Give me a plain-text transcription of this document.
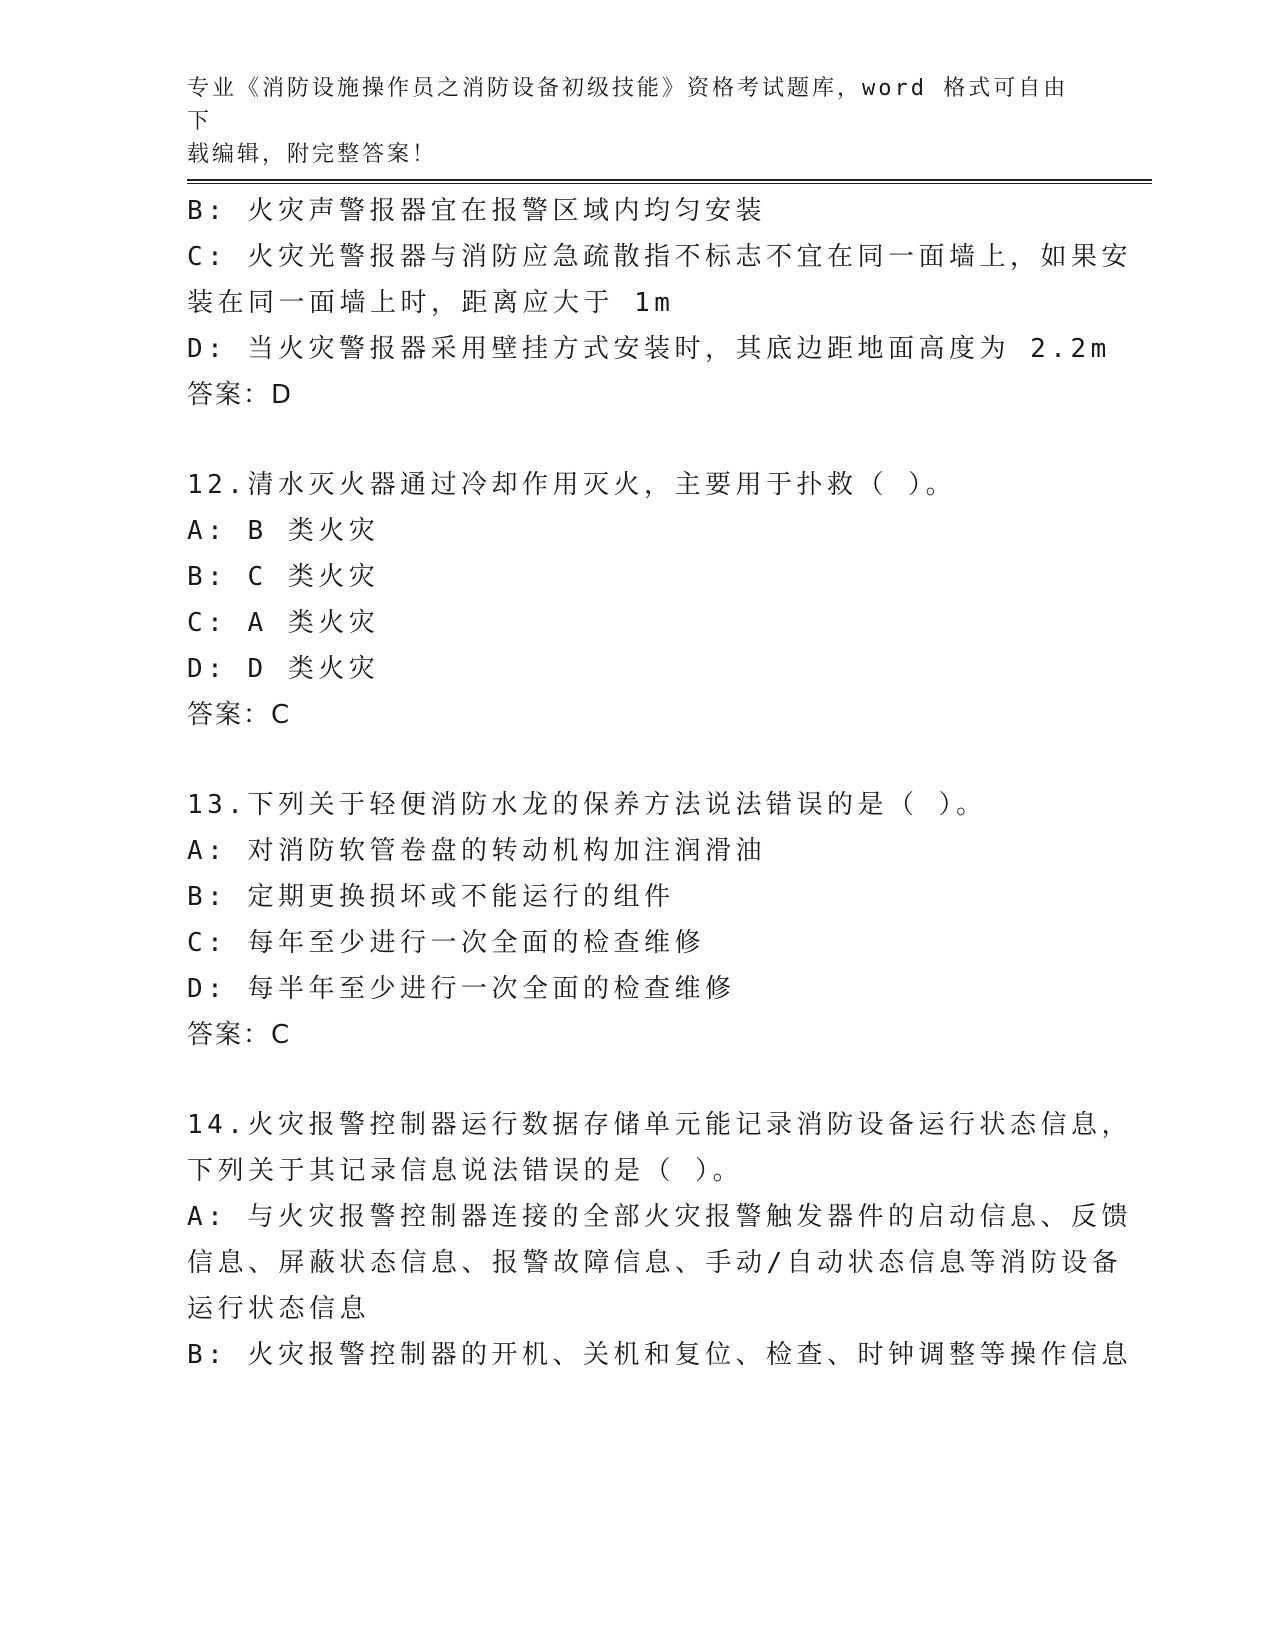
专业《消防设施操作员之消防设备初级技能》资格考试题库，word 格式可自由下
载编辑，附完整答案！
B: 火灾声警报器宜在报警区域内均匀安装
C: 火灾光警报器与消防应急疏散指不标志不宜在同一面墙上，如果安
装在同一面墙上时，距离应大于 1m
D: 当火灾警报器采用壁挂方式安装时，其底边距地面高度为 2.2m
答案：D
12.清水灭火器通过冷却作用灭火，主要用于扑救（ ）。
A: B 类火灾
B: C 类火灾
C: A 类火灾
D: D 类火灾
答案：C
13.下列关于轻便消防水龙的保养方法说法错误的是（ ）。
A: 对消防软管卷盘的转动机构加注润滑油
B: 定期更换损坏或不能运行的组件
C: 每年至少进行一次全面的检查维修
D: 每半年至少进行一次全面的检查维修
答案：C
14.火灾报警控制器运行数据存储单元能记录消防设备运行状态信息，
下列关于其记录信息说法错误的是（ ）。
A: 与火灾报警控制器连接的全部火灾报警触发器件的启动信息、反馈
信息、屏蔽状态信息、报警故障信息、手动/自动状态信息等消防设备
运行状态信息
B: 火灾报警控制器的开机、关机和复位、检查、时钟调整等操作信息
